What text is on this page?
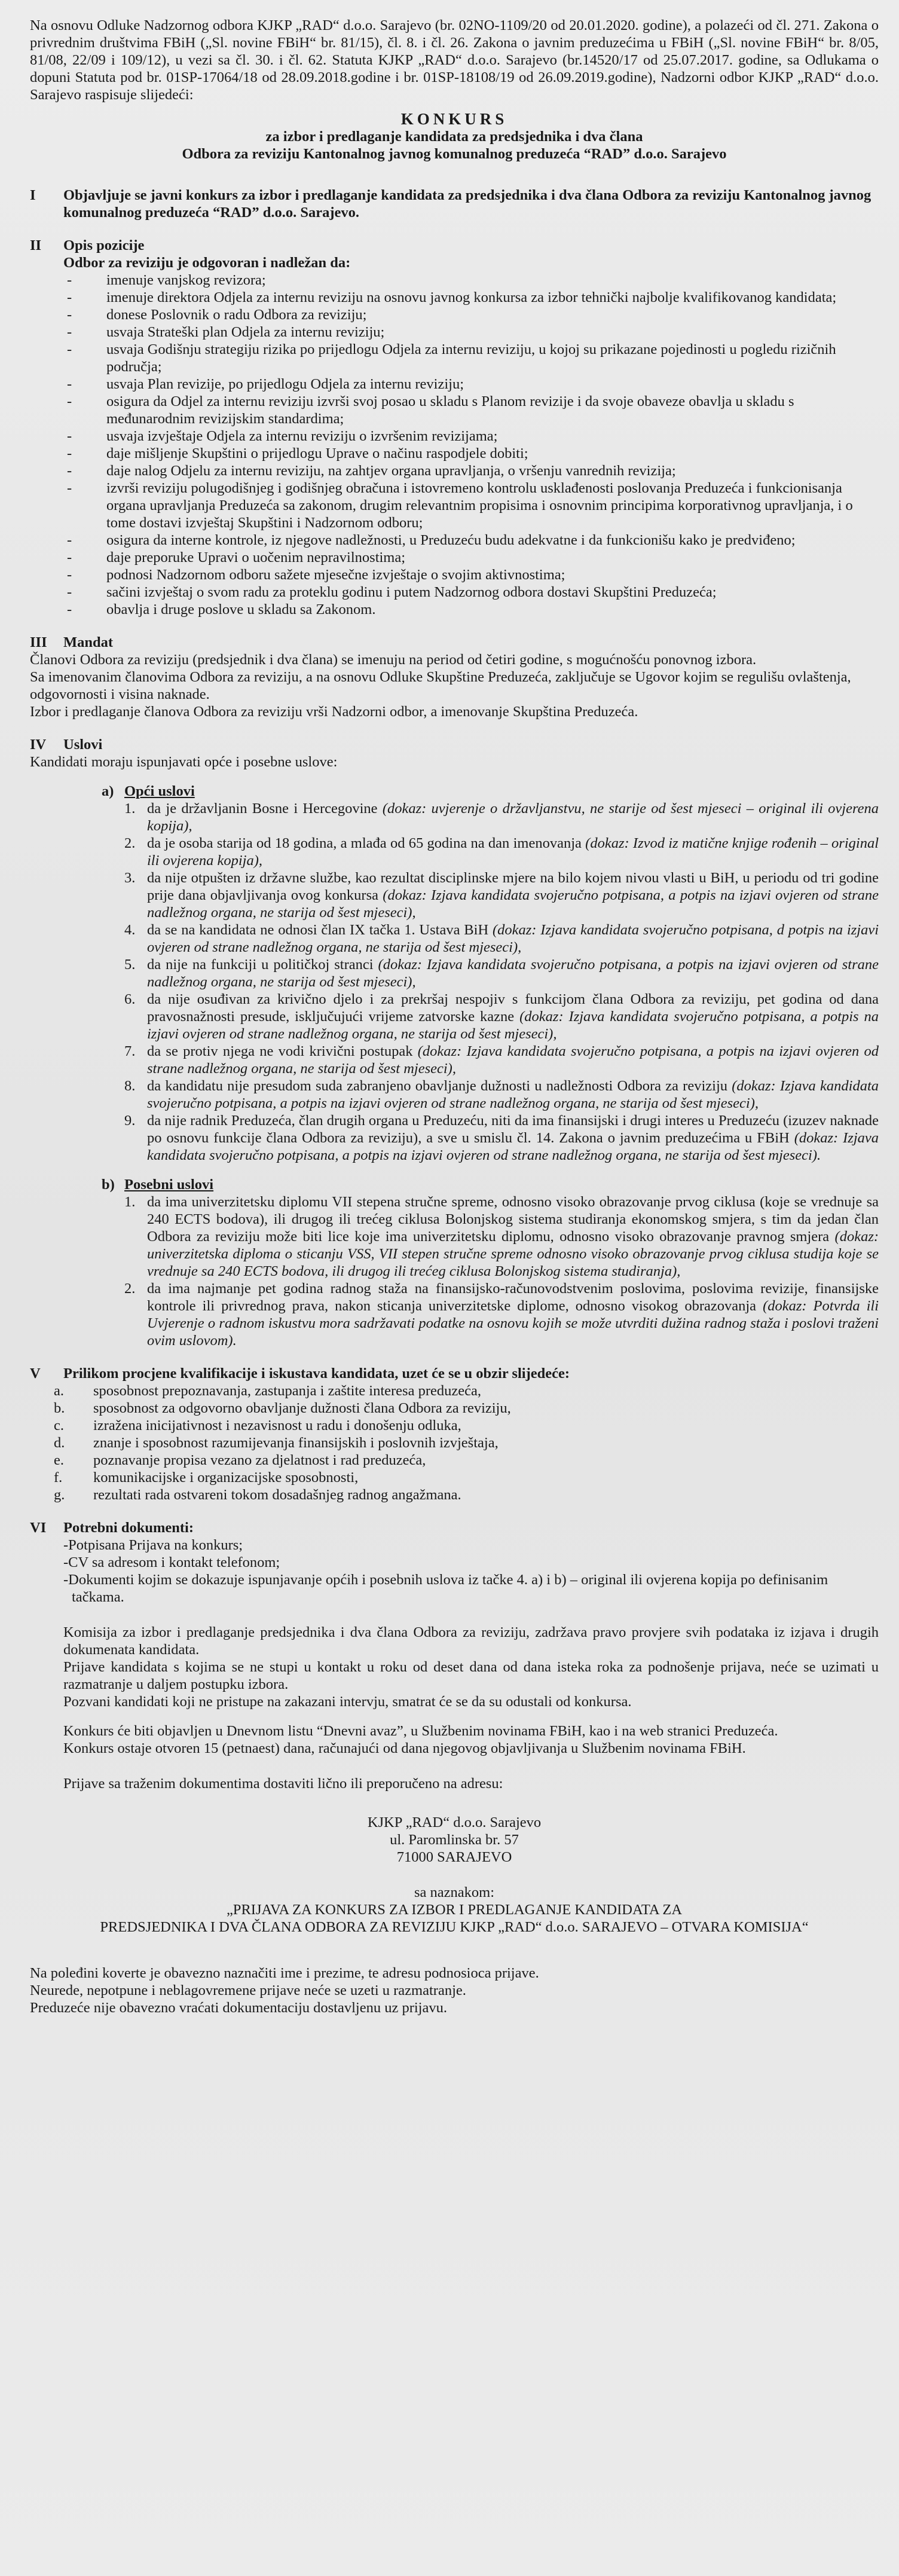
Na osnovu Odluke Nadzornog odbora KJKP „RAD“ d.o.o. Sarajevo (br. 02NO-1109/20 od 20.01.2020. godine), a polazeći od čl. 271. Zakona o privrednim društvima FBiH („Sl. novine FBiH“ br. 81/15), čl. 8. i čl. 26. Zakona o javnim preduzećima u FBiH („Sl. novine FBiH“ br. 8/05, 81/08, 22/09 i 109/12), u vezi sa čl. 30. i čl. 62. Statuta KJKP „RAD“ d.o.o. Sarajevo (br.14520/17 od 25.07.2017. godine, sa Odlukama o dopuni Statuta pod br. 01SP-17064/18 od 28.09.2018.godine i br. 01SP-18108/19 od 26.09.2019.godine), Nadzorni odbor KJKP „RAD“ d.o.o. Sarajevo raspisuje slijedeći:

KONKURS

za izbor i predlaganje kandidata za predsjednika i dva člana

Odbora za reviziju Kantonalnog javnog komunalnog preduzeća “RAD” d.o.o. Sarajevo

I	Objavljuje se javni konkurs za izbor i predlaganje kandidata za predsjednika i dva člana Odbora za reviziju Kantonalnog javnog komunalnog preduzeća “RAD” d.o.o. Sarajevo.
II	Opis pozicije

Odbor za reviziju je odgovoran i nadležan da:

-	imenuje vanjskog revizora;
-	imenuje direktora Odjela za internu reviziju na osnovu javnog konkursa za izbor tehnički najbolje kvalifikovanog kandidata;
-	donese Poslovnik o radu Odbora za reviziju;
-	usvaja Strateški plan Odjela za internu reviziju;
-	usvaja Godišnju strategiju rizika po prijedlogu Odjela za internu reviziju, u kojoj su prikazane pojedinosti u pogledu rizičnih područja;
-	usvaja Plan revizije, po prijedlogu Odjela za internu reviziju;
-	osigura da Odjel za internu reviziju izvrši svoj posao u skladu s Planom revizije i da svoje obaveze obavlja u skladu s međunarodnim revizijskim standardima;
-	usvaja izvještaje Odjela za internu reviziju o izvršenim revizijama;
-	daje mišljenje Skupštini o prijedlogu Uprave o načinu raspodjele dobiti;
-	daje nalog Odjelu za internu reviziju, na zahtjev organa upravljanja, o vršenju vanrednih revizija;
-	izvrši reviziju polugodišnjeg i godišnjeg obračuna i istovremeno kontrolu usklađenosti poslovanja Preduzeća i funkcionisanja organa upravljanja Preduzeća sa zakonom, drugim relevantnim propisima i osnovnim principima korporativnog upravljanja, i o tome dostavi izvještaj Skupštini i Nadzornom odboru;
-	osigura da interne kontrole, iz njegove nadležnosti, u Preduzeću budu adekvatne i da funkcionišu kako je predviđeno;
-	daje preporuke Upravi o uočenim nepravilnostima;
-	podnosi Nadzornom odboru sažete mjesečne izvještaje o svojim aktivnostima;
-	sačini izvještaj o svom radu za proteklu godinu i putem Nadzornog odbora dostavi Skupštini Preduzeća;
-	obavlja i druge poslove u skladu sa Zakonom.
III	Mandat

Članovi Odbora za reviziju (predsjednik i dva člana) se imenuju na period od četiri godine, s mogućnošću ponovnog izbora.

Sa imenovanim članovima Odbora za reviziju, a na osnovu Odluke Skupštine Preduzeća, zaključuje se Ugovor kojim se regulišu ovlaštenja, odgovornosti i visina naknade.

Izbor i predlaganje članova Odbora za reviziju vrši Nadzorni odbor, a imenovanje Skupština Preduzeća.

IV	Uslovi

Kandidati moraju ispunjavati opće i posebne uslove:

a) Opći uslovi
1. da je državljanin Bosne i Hercegovine (dokaz: uvjerenje o državljanstvu, ne starije od šest mjeseci – original ili ovjerena kopija),
2. da je osoba starija od 18 godina, a mlađa od 65 godina na dan imenovanja (dokaz: Izvod iz matične knjige rođenih – original ili ovjerena kopija),
3. da nije otpušten iz državne službe, kao rezultat disciplinske mjere na bilo kojem nivou vlasti u BiH, u periodu od tri godine prije dana objavljivanja ovog konkursa (dokaz: Izjava kandidata svojeručno potpisana, a potpis na izjavi ovjeren od strane nadležnog organa, ne starija od šest mjeseci),
4. da se na kandidata ne odnosi član IX tačka 1. Ustava BiH (dokaz: Izjava kandidata svojeručno potpisana, d potpis na izjavi ovjeren od strane nadležnog organa, ne starija od šest mjeseci),
5. da nije na funkciji u političkoj stranci (dokaz: Izjava kandidata svojeručno potpisana, a potpis na izjavi ovjeren od strane nadležnog organa, ne starija od šest mjeseci),
6. da nije osuđivan za krivično djelo i za prekršaj nespojiv s funkcijom člana Odbora za reviziju, pet godina od dana pravosnažnosti presude, isključujući vrijeme zatvorske kazne (dokaz: Izjava kandidata svojeručno potpisana, a potpis na izjavi ovjeren od strane nadležnog organa, ne starija od šest mjeseci),
7. da se protiv njega ne vodi krivični postupak (dokaz: Izjava kandidata svojeručno potpisana, a potpis na izjavi ovjeren od strane nadležnog organa, ne starija od šest mjeseci),
8. da kandidatu nije presudom suda zabranjeno obavljanje dužnosti u nadležnosti Odbora za reviziju (dokaz: Izjava kandidata svojeručno potpisana, a potpis na izjavi ovjeren od strane nadležnog organa, ne starija od šest mjeseci),
9. da nije radnik Preduzeća, član drugih organa u Preduzeću, niti da ima finansijski i drugi interes u Preduzeću (izuzev naknade po osnovu funkcije člana Odbora za reviziju), a sve u smislu čl. 14. Zakona o javnim preduzećima u FBiH (dokaz: Izjava kandidata svojeručno potpisana, a potpis na izjavi ovjeren od strane nadležnog organa, ne starija od šest mjeseci).
b) Posebni uslovi
1. da ima univerzitetsku diplomu VII stepena stručne spreme, odnosno visoko obrazovanje prvog ciklusa (koje se vrednuje sa 240 ECTS bodova), ili drugog ili trećeg ciklusa Bolonjskog sistema studiranja ekonomskog smjera, s tim da jedan član Odbora za reviziju može biti lice koje ima univerzitetsku diplomu, odnosno visoko obrazovanje pravnog smjera (dokaz: univerzitetska diploma o sticanju VSS, VII stepen stručne spreme odnosno visoko obrazovanje prvog ciklusa studija koje se vrednuje sa 240 ECTS bodova, ili drugog ili trećeg ciklusa Bolonjskog sistema studiranja),
2. da ima najmanje pet godina radnog staža na finansijsko-računovodstvenim poslovima, poslovima revizije, finansijske kontrole ili privrednog prava, nakon sticanja univerzitetske diplome, odnosno visokog obrazovanja (dokaz: Potvrda ili Uvjerenje o radnom iskustvu mora sadržavati podatke na osnovu kojih se može utvrditi dužina radnog staža i poslovi traženi ovim uslovom).
V	Prilikom procjene kvalifikacije i iskustava kandidata, uzet će se u obzir slijedeće:

a.	sposobnost prepoznavanja, zastupanja i zaštite interesa preduzeća,
b.	sposobnost za odgovorno obavljanje dužnosti člana Odbora za reviziju,
c.	izražena inicijativnost i nezavisnost u radu i donošenju odluka,
d.	znanje i sposobnost razumijevanja finansijskih i poslovnih izvještaja,
e.	poznavanje propisa vezano za djelatnost i rad preduzeća,
f.	komunikacijske i organizacijske sposobnosti,
g.	rezultati rada ostvareni tokom dosadašnjeg radnog angažmana.
VI	Potrebni dokumenti:

-Potpisana Prijava na konkurs;

-CV sa adresom i kontakt telefonom;

-Dokumenti kojim se dokazuje ispunjavanje općih i posebnih uslova iz tačke 4. a) i b) – original ili ovjerena kopija po definisanim tačkama.

Komisija za izbor i predlaganje predsjednika i dva člana Odbora za reviziju, zadržava pravo provjere svih podataka iz izjava i drugih dokumenata kandidata.

Prijave kandidata s kojima se ne stupi u kontakt u roku od deset dana od dana isteka roka za podnošenje prijava, neće se uzimati u razmatranje u daljem postupku izbora.

Pozvani kandidati koji ne pristupe na zakazani intervju, smatrat će se da su odustali od konkursa.

Konkurs će biti objavljen u Dnevnom listu “Dnevni avaz”, u Službenim novinama FBiH, kao i na web stranici Preduzeća.

Konkurs ostaje otvoren 15 (petnaest) dana, računajući od dana njegovog objavljivanja u Službenim novinama FBiH.

Prijave sa traženim dokumentima dostaviti lično ili preporučeno na adresu:

KJKP „RAD“ d.o.o. Sarajevo

ul. Paromlinska br. 57

71000 SARAJEVO

sa naznakom:

„PRIJAVA ZA KONKURS ZA IZBOR I PREDLAGANJE KANDIDATA ZA

PREDSJEDNIKA I DVA ČLANA ODBORA ZA REVIZIJU KJKP „RAD“ d.o.o. SARAJEVO – OTVARA KOMISIJA“

Na poleđini koverte je obavezno naznačiti ime i prezime, te adresu podnosioca prijave.

Neurede, nepotpune i neblagovremene prijave neće se uzeti u razmatranje.

Preduzeće nije obavezno vraćati dokumentaciju dostavljenu uz prijavu.
